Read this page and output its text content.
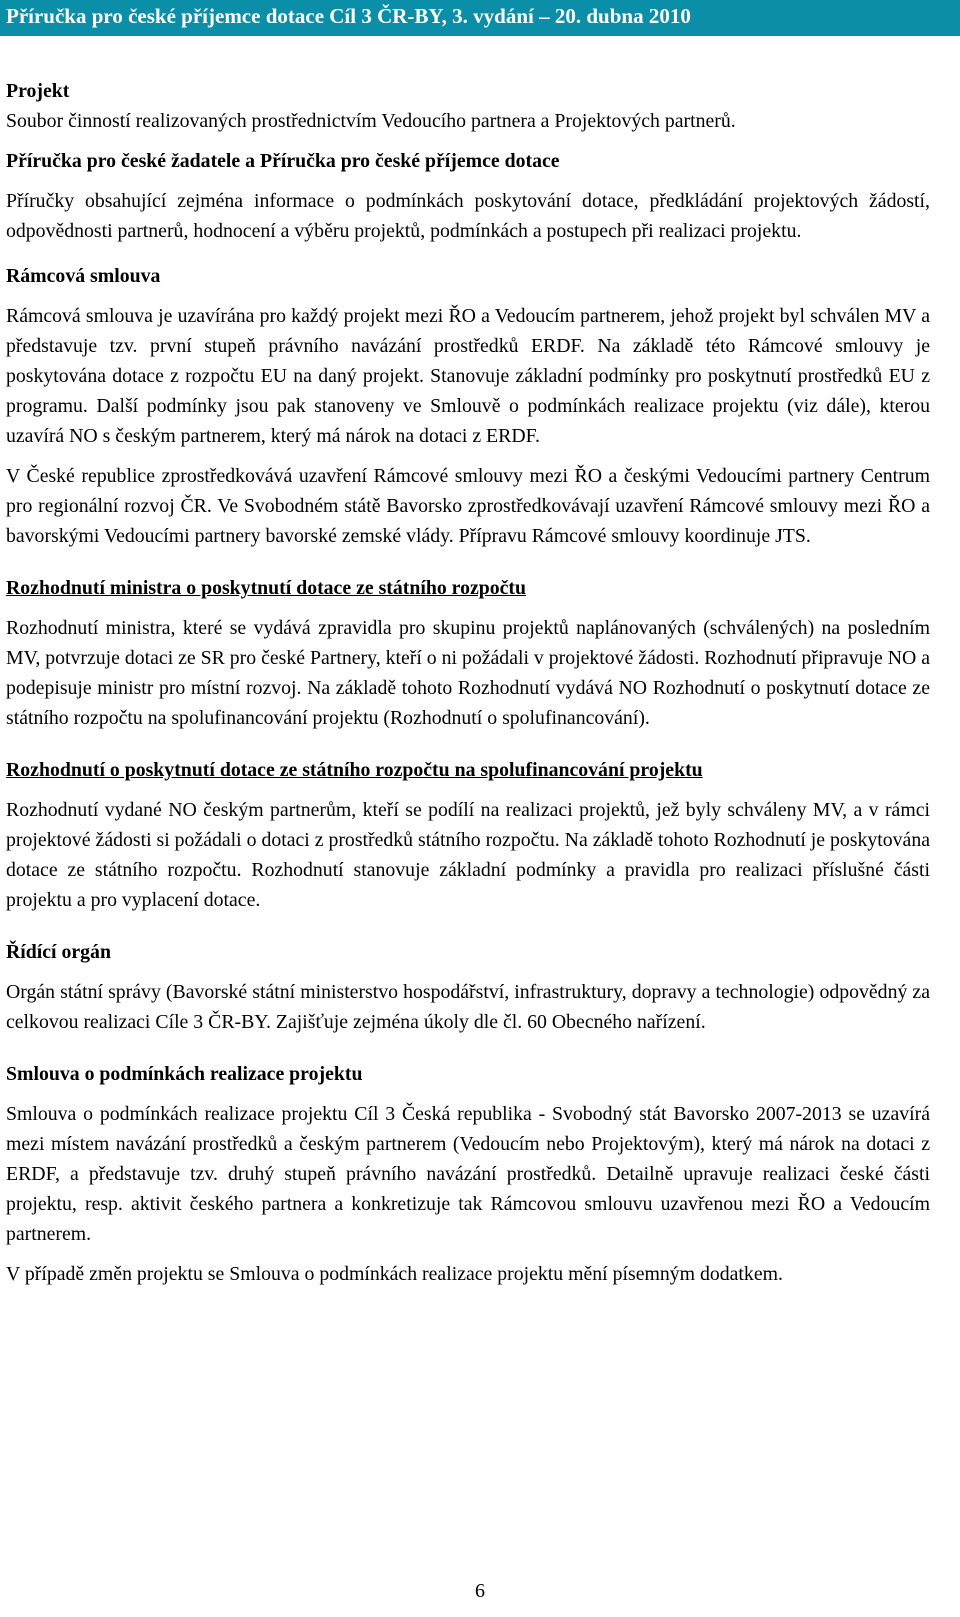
Příručka pro české příjemce dotace Cíl 3 ČR-BY, 3. vydání – 20. dubna 2010
Projekt

Soubor činností realizovaných prostřednictvím Vedoucího partnera a Projektových partnerů.

Příručka pro české žadatele a Příručka pro české příjemce dotace

Příručky obsahující zejména informace o podmínkách poskytování dotace, předkládání projektových žádostí, odpovědnosti partnerů, hodnocení a výběru projektů, podmínkách a postupech při realizaci projektu.

Rámcová smlouva

Rámcová smlouva je uzavírána pro každý projekt mezi ŘO a Vedoucím partnerem, jehož projekt byl schválen MV a představuje tzv. první stupeň právního navázání prostředků ERDF. Na základě této Rámcové smlouvy je poskytována dotace z rozpočtu EU na daný projekt. Stanovuje základní podmínky pro poskytnutí prostředků EU z programu. Další podmínky jsou pak stanoveny ve Smlouvě o podmínkách realizace projektu (viz dále), kterou uzavírá NO s českým partnerem, který má nárok na dotaci z ERDF.

V České republice zprostředkovává uzavření Rámcové smlouvy mezi ŘO a českými Vedoucími partnery Centrum pro regionální rozvoj ČR. Ve Svobodném státě Bavorsko zprostředkovávají uzavření Rámcové smlouvy mezi ŘO a bavorskými Vedoucími partnery bavorské zemské vlády. Přípravu Rámcové smlouvy koordinuje JTS.

Rozhodnutí ministra o poskytnutí dotace ze státního rozpočtu

Rozhodnutí ministra, které se vydává zpravidla pro skupinu projektů naplánovaných (schválených) na posledním MV, potvrzuje dotaci ze SR pro české Partnery, kteří o ni požádali v projektové žádosti. Rozhodnutí připravuje NO a podepisuje ministr pro místní rozvoj. Na základě tohoto Rozhodnutí vydává NO Rozhodnutí o poskytnutí dotace ze státního rozpočtu na spolufinancování projektu (Rozhodnutí o spolufinancování).

Rozhodnutí o poskytnutí dotace ze státního rozpočtu na spolufinancování projektu

Rozhodnutí vydané NO českým partnerům, kteří se podílí na realizaci projektů, jež byly schváleny MV, a v rámci projektové žádosti si požádali o dotaci z prostředků státního rozpočtu. Na základě tohoto Rozhodnutí je poskytována dotace ze státního rozpočtu. Rozhodnutí stanovuje základní podmínky a pravidla pro realizaci příslušné části projektu a pro vyplacení dotace.

Řídící orgán

Orgán státní správy (Bavorské státní ministerstvo hospodářství, infrastruktury, dopravy a technologie) odpovědný za celkovou realizaci Cíle 3 ČR-BY. Zajišťuje zejména úkoly dle čl. 60 Obecného nařízení.

Smlouva o podmínkách realizace projektu

Smlouva o podmínkách realizace projektu Cíl 3 Česká republika - Svobodný stát Bavorsko 2007-2013 se uzavírá mezi místem navázání prostředků a českým partnerem (Vedoucím nebo Projektovým), který má nárok na dotaci z ERDF, a představuje tzv. druhý stupeň právního navázání prostředků. Detailně upravuje realizaci české části projektu, resp. aktivit českého partnera a konkretizuje tak Rámcovou smlouvu uzavřenou mezi ŘO a Vedoucím partnerem.

V případě změn projektu se Smlouva o podmínkách realizace projektu mění písemným dodatkem.

6
